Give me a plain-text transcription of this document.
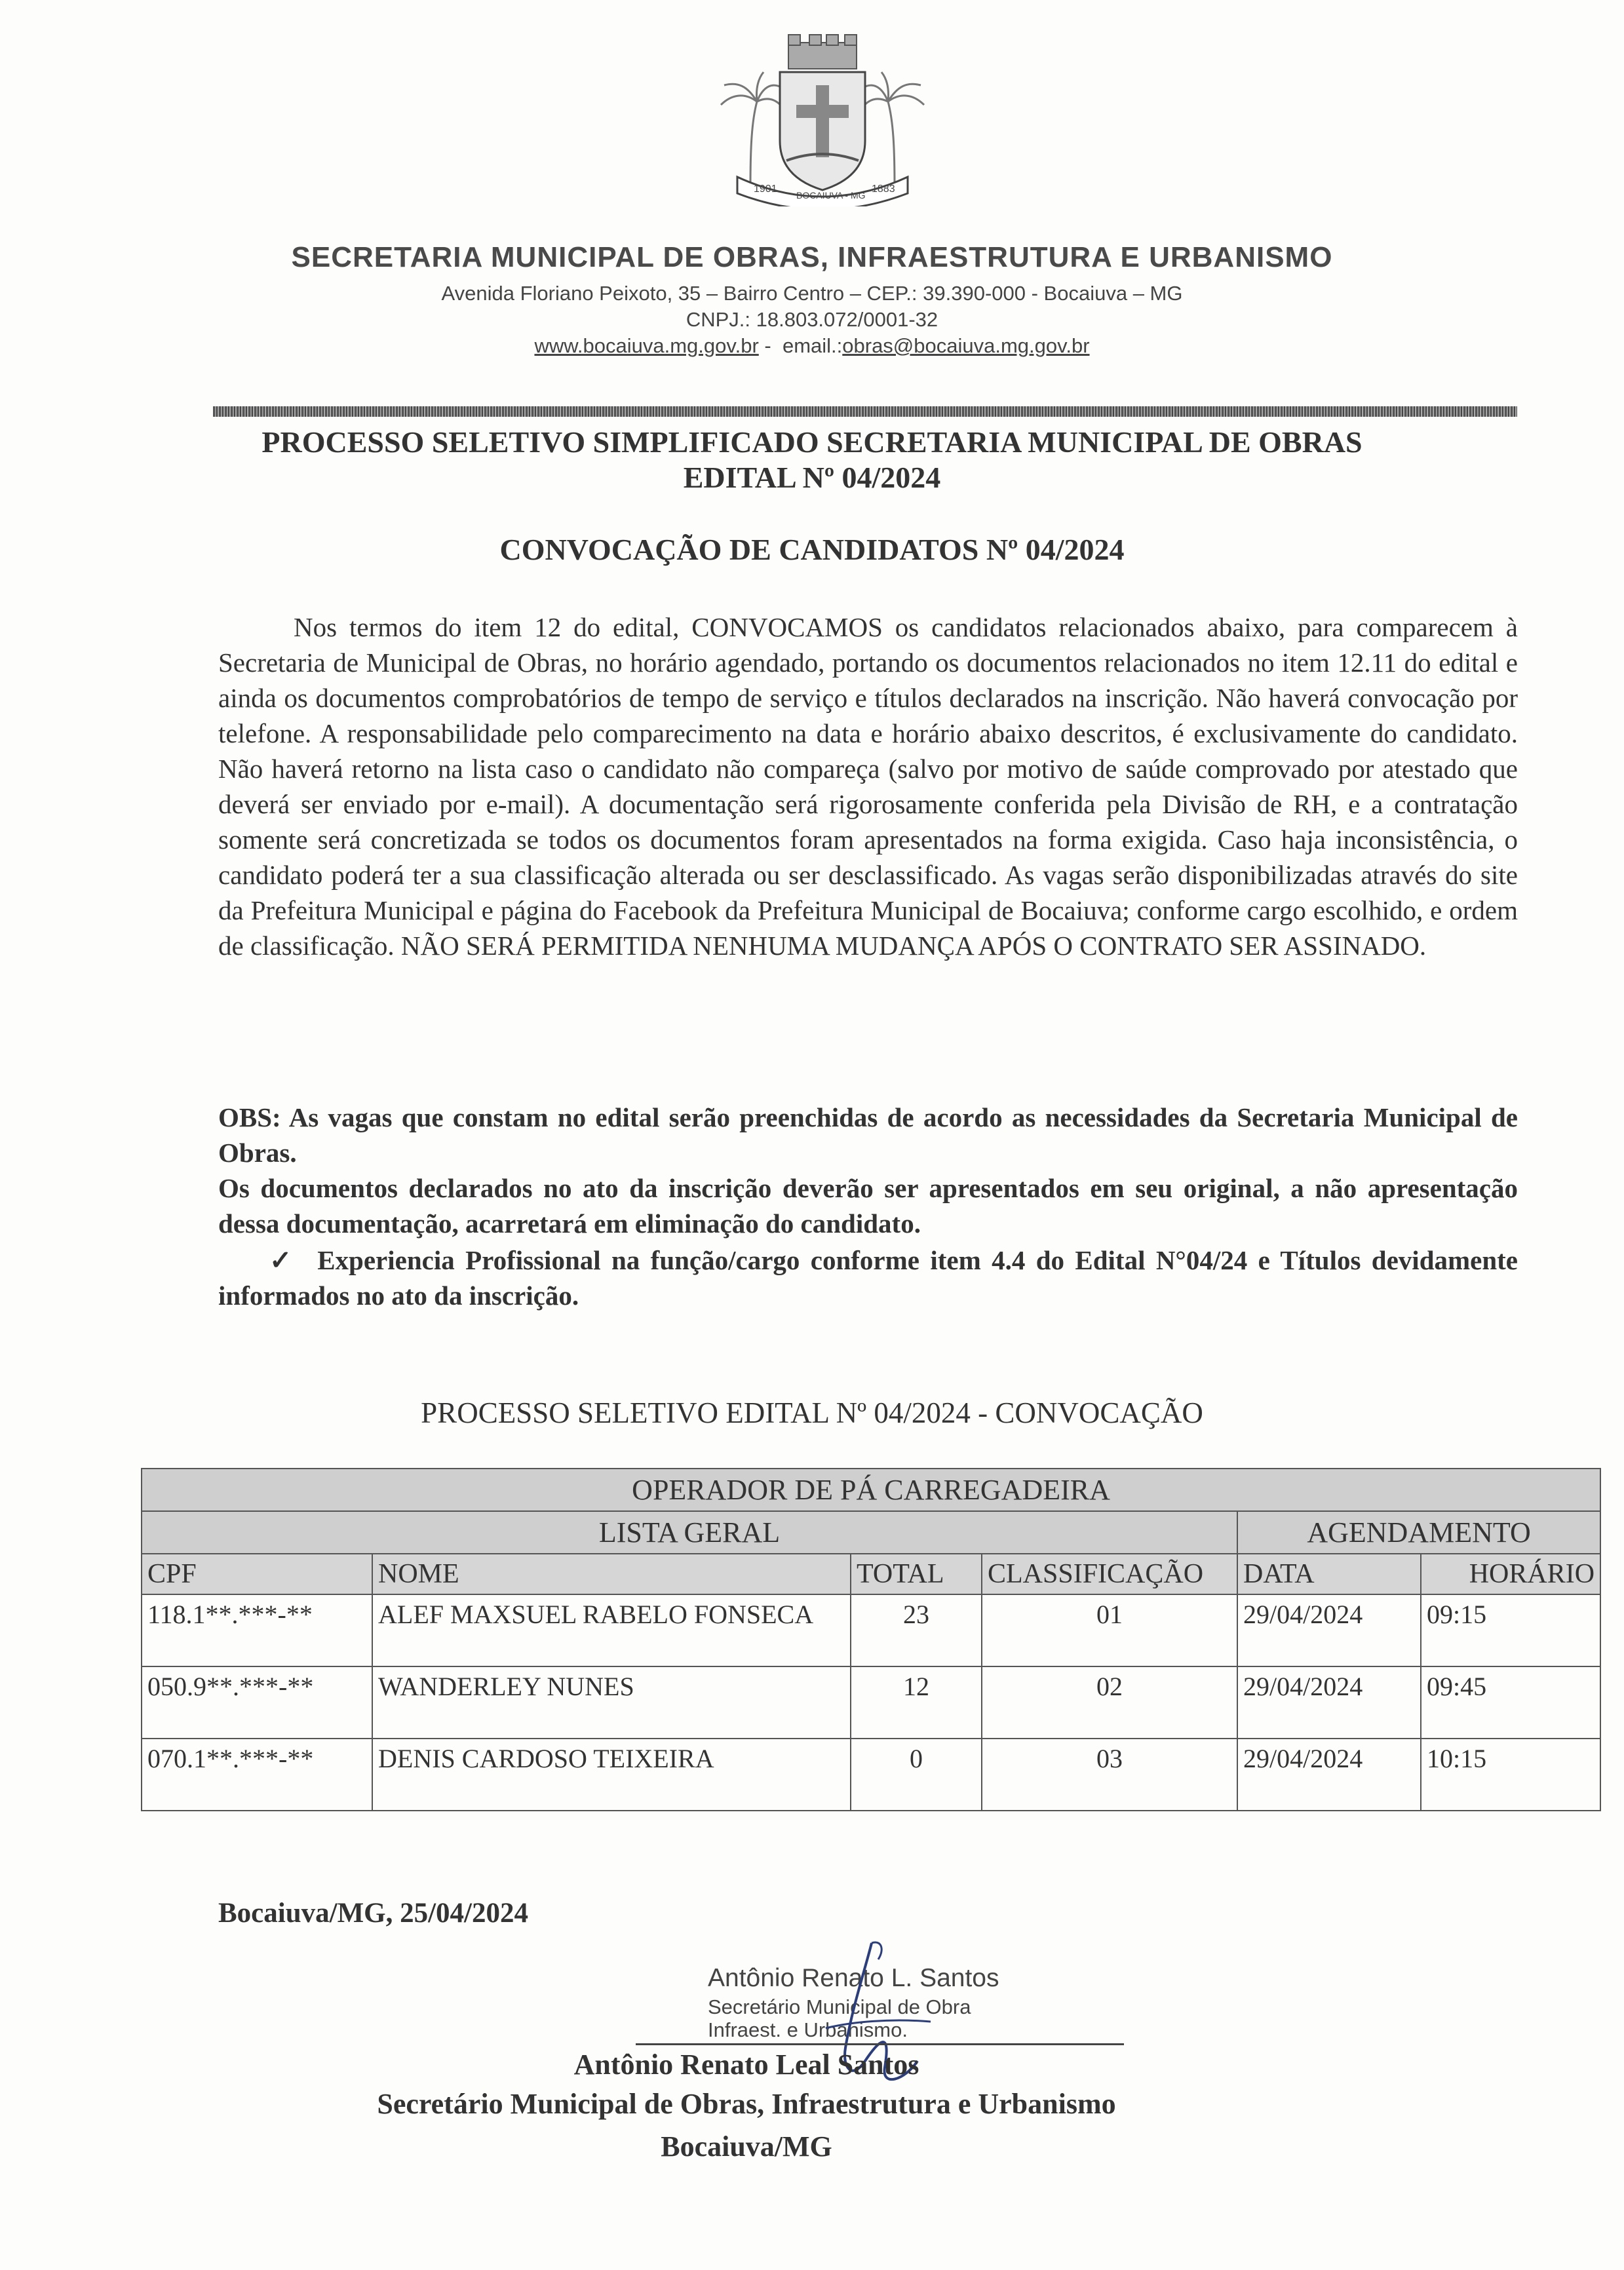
1901
BOCAIUVA - MG
1883
SECRETARIA MUNICIPAL DE OBRAS, INFRAESTRUTURA E URBANISMO
Avenida Floriano Peixoto, 35 – Bairro Centro – CEP.: 39.390-000 - Bocaiuva – MG
CNPJ.: 18.803.072/0001-32
www.bocaiuva.mg.gov.br -  email.:obras@bocaiuva.mg.gov.br
PROCESSO SELETIVO SIMPLIFICADO SECRETARIA MUNICIPAL DE OBRAS
EDITAL Nº 04/2024
CONVOCAÇÃO DE CANDIDATOS Nº 04/2024
Nos termos do item 12 do edital, CONVOCAMOS os candidatos relacionados abaixo, para comparecem à Secretaria de Municipal de Obras, no horário agendado, portando os documentos relacionados no item 12.11 do edital e ainda os documentos comprobatórios de tempo de serviço e títulos declarados na inscrição. Não haverá convocação por telefone. A responsabilidade pelo comparecimento na data e horário abaixo descritos, é exclusivamente do candidato. Não haverá retorno na lista caso o candidato não compareça (salvo por motivo de saúde comprovado por atestado que deverá ser enviado por e-mail). A documentação será rigorosamente conferida pela Divisão de RH, e a contratação somente será concretizada se todos os documentos foram apresentados na forma exigida. Caso haja inconsistência, o candidato poderá ter a sua classificação alterada ou ser desclassificado. As vagas serão disponibilizadas através do site da Prefeitura Municipal e página do Facebook da Prefeitura Municipal de Bocaiuva; conforme cargo escolhido, e ordem de classificação. NÃO SERÁ PERMITIDA NENHUMA MUDANÇA APÓS O CONTRATO SER ASSINADO.
OBS: As vagas que constam no edital serão preenchidas de acordo as necessidades da Secretaria Municipal de Obras.
Os documentos declarados no ato da inscrição deverão ser apresentados em seu original, a não apresentação dessa documentação, acarretará em eliminação do candidato.
✓ Experiencia Profissional na função/cargo conforme item 4.4 do Edital N°04/24 e Títulos devidamente informados no ato da inscrição.
PROCESSO SELETIVO EDITAL Nº 04/2024 - CONVOCAÇÃO
OPERADOR DE PÁ CARREGADEIRA					
LISTA GERAL				AGENDAMENTO	
CPF	NOME	TOTAL	CLASSIFICAÇÃO	DATA	HORÁRIO
118.1**.***-**	ALEF MAXSUEL RABELO FONSECA	23	01	29/04/2024	09:15
050.9**.***-**	WANDERLEY NUNES	12	02	29/04/2024	09:45
070.1**.***-**	DENIS CARDOSO TEIXEIRA	0	03	29/04/2024	10:15
Bocaiuva/MG, 25/04/2024
Antônio Renato L. Santos
Secretário Municipal de Obra
Infraest. e Urbanismo.
Antônio Renato Leal Santos
Secretário Municipal de Obras, Infraestrutura e Urbanismo
Bocaiuva/MG
